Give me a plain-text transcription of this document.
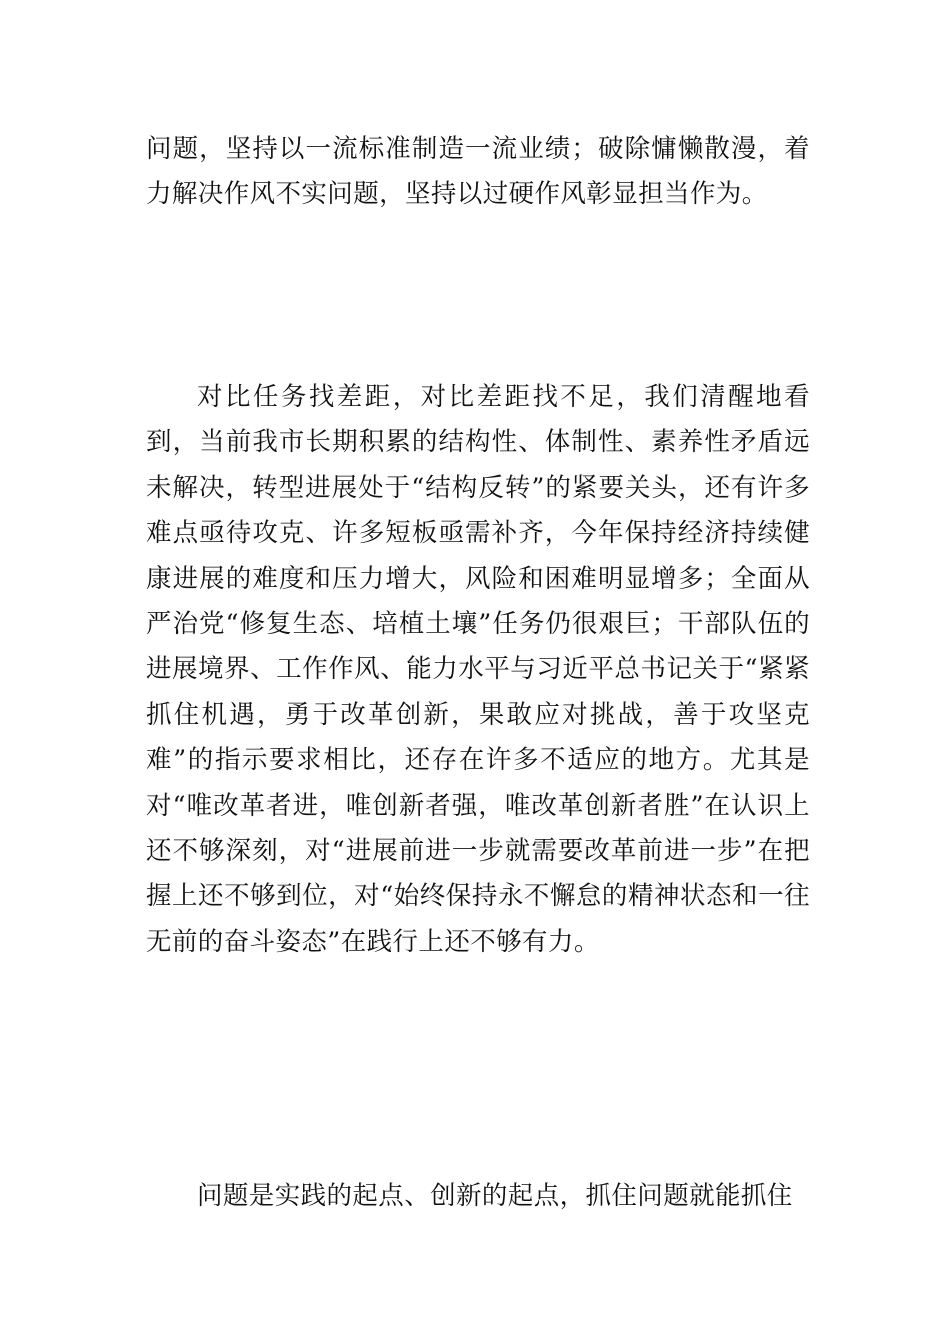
问题，坚持以一流标准制造一流业绩；破除慵懒散漫，着力解决作风不实问题，坚持以过硬作风彰显担当作为。

对比任务找差距，对比差距找不足，我们清醒地看到，当前我市长期积累的结构性、体制性、素养性矛盾远未解决，转型进展处于“结构反转”的紧要关头，还有许多难点亟待攻克、许多短板亟需补齐，今年保持经济持续健康进展的难度和压力增大，风险和困难明显增多；全面从严治党“修复生态、培植土壤”任务仍很艰巨；干部队伍的进展境界、工作作风、能力水平与习近平总书记关于“紧紧抓住机遇，勇于改革创新，果敢应对挑战，善于攻坚克难”的指示要求相比，还存在许多不适应的地方。尤其是对“唯改革者进，唯创新者强，唯改革创新者胜”在认识上还不够深刻，对“进展前进一步就需要改革前进一步”在把握上还不够到位，对“始终保持永不懈怠的精神状态和一往无前的奋斗姿态”在践行上还不够有力。

问题是实践的起点、创新的起点，抓住问题就能抓住
